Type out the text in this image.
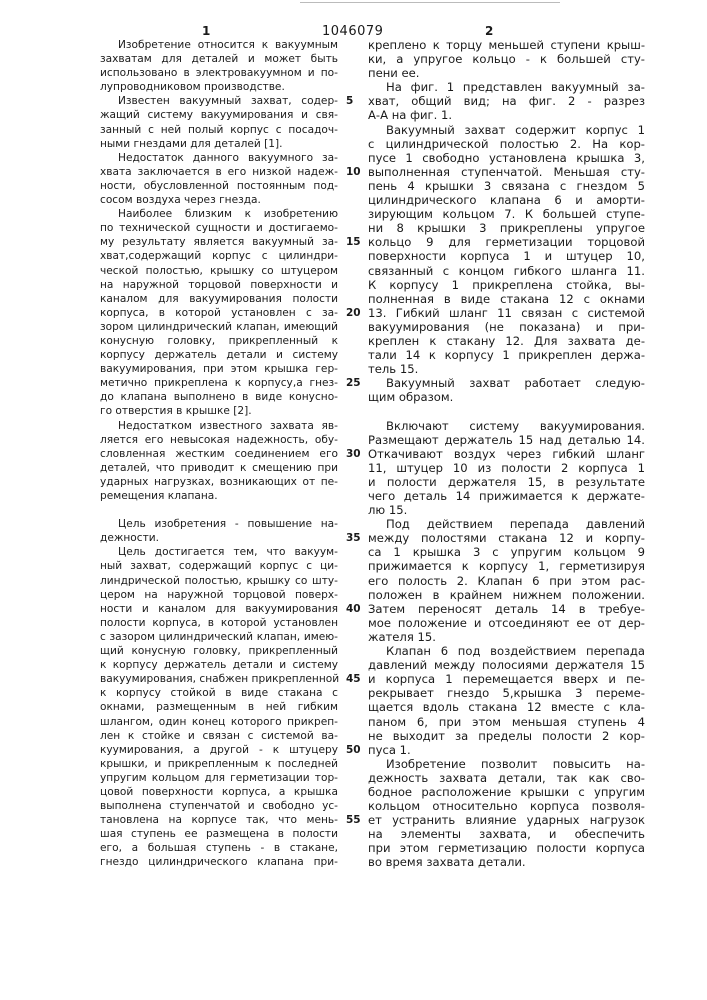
1	1046079	2
Изобретение относится к вакуумным
захватам для деталей и может быть
использовано в электровакуумном и по-
лупроводниковом производстве.
Известен вакуумный захват, содер- 5
жащий систему вакуумирования и свя-
занный с ней полый корпус с посадоч-
ными гнездами для деталей [1].
Недостаток данного вакуумного за-
хвата заключается в его низкой надеж- 10
ности, обусловленной постоянным под-
сосом воздуха через гнезда.
Наиболее близким к изобретению
по технической сущности и достигаемо-
му результату является вакуумный за- 15
хват,содержащий корпус с цилиндри-
ческой полостью, крышку со штуцером
на наружной торцовой поверхности и
каналом для вакуумирования полости
корпуса, в которой установлен с за- 20
зором цилиндрический клапан, имеющий
конусную головку, прикрепленный к
корпусу держатель детали и систему
вакуумирования, при этом крышка гер-
метично прикреплена к корпусу,а гнез- 25
до клапана выполнено в виде конусно-
го отверстия в крышке [2].
Недостатком известного захвата яв-
ляется его невысокая надежность, обу-
словленная жестким соединением его 30
деталей, что приводит к смещению при
ударных нагрузках, возникающих от пе-
ремещения клапана.
Цель изобретения - повышение на-
дежности.	35
Цель достигается тем, что вакуум-
ный захват, содержащий корпус с ци-
линдрической полостью, крышку со шту-
цером на наружной торцовой поверх-
ности и каналом для вакуумирования 40
полости корпуса, в которой установлен
с зазором цилиндрический клапан, имею-
щий конусную головку, прикрепленный
к корпусу держатель детали и систему
вакуумирования, снабжен прикрепленной 45
к корпусу стойкой в виде стакана с
окнами, размещенным в ней гибким
шлангом, один конец которого прикреп-
лен к стойке и связан с системой ва-
куумирования, а другой - к штуцеру 50
крышки, и прикрепленным к последней
упругим кольцом для герметизации тор-
цовой поверхности корпуса, а крышка
выполнена ступенчатой и свободно ус-
тановлена на корпусе так, что мень- 55
шая ступень ее размещена в полости
его, а большая ступень - в стакане,
гнездо цилиндрического клапана при-
креплено к торцу меньшей ступени крыш-
ки, а упругое кольцо - к большей сту-
пени ее.
На фиг. 1 представлен вакуумный за-
хват, общий вид; на фиг. 2 - разрез
А-А на фиг. 1.
Вакуумный захват содержит корпус 1
с цилиндрической полостью 2. На кор-
пусе 1 свободно установлена крышка 3,
выполненная ступенчатой. Меньшая сту-
пень 4 крышки 3 связана с гнездом 5
цилиндрического клапана 6 и аморти-
зирующим кольцом 7. К большей ступе-
ни 8 крышки 3 прикреплены упругое
кольцо 9 для герметизации торцовой
поверхности корпуса 1 и штуцер 10,
связанный с концом гибкого шланга 11.
К корпусу 1 прикреплена стойка, вы-
полненная в виде стакана 12 с окнами
13. Гибкий шланг 11 связан с системой
вакуумирования (не показана) и при-
креплен к стакану 12. Для захвата де-
тали 14 к корпусу 1 прикреплен держа-
тель 15.
Вакуумный захват работает следую-
щим образом.
Включают систему вакуумирования.
Размещают держатель 15 над деталью 14.
Откачивают воздух через гибкий шланг
11, штуцер 10 из полости 2 корпуса 1
и полости держателя 15, в результате
чего деталь 14 прижимается к держате-
лю 15.
Под действием перепада давлений
между полостями стакана 12 и корпу-
са 1 крышка 3 с упругим кольцом 9
прижимается к корпусу 1, герметизируя
его полость 2. Клапан 6 при этом рас-
положен в крайнем нижнем положении.
Затем переносят деталь 14 в требуе-
мое положение и отсоединяют ее от дер-
жателя 15.
Клапан 6 под воздействием перепада
давлений между полосиями держателя 15
и корпуса 1 перемещается вверх и пе-
рекрывает гнездо 5,крышка 3 переме-
щается вдоль стакана 12 вместе с кла-
паном 6, при этом меньшая ступень 4
не выходит за пределы полости 2 кор-
пуса 1.
Изобретение позволит повысить на-
дежность захвата детали, так как сво-
бодное расположение крышки с упругим
кольцом относительно корпуса позволя-
ет устранить влияние ударных нагрузок
на элементы захвата, и обеспечить
при этом герметизацию полости корпуса
во время захвата детали.
